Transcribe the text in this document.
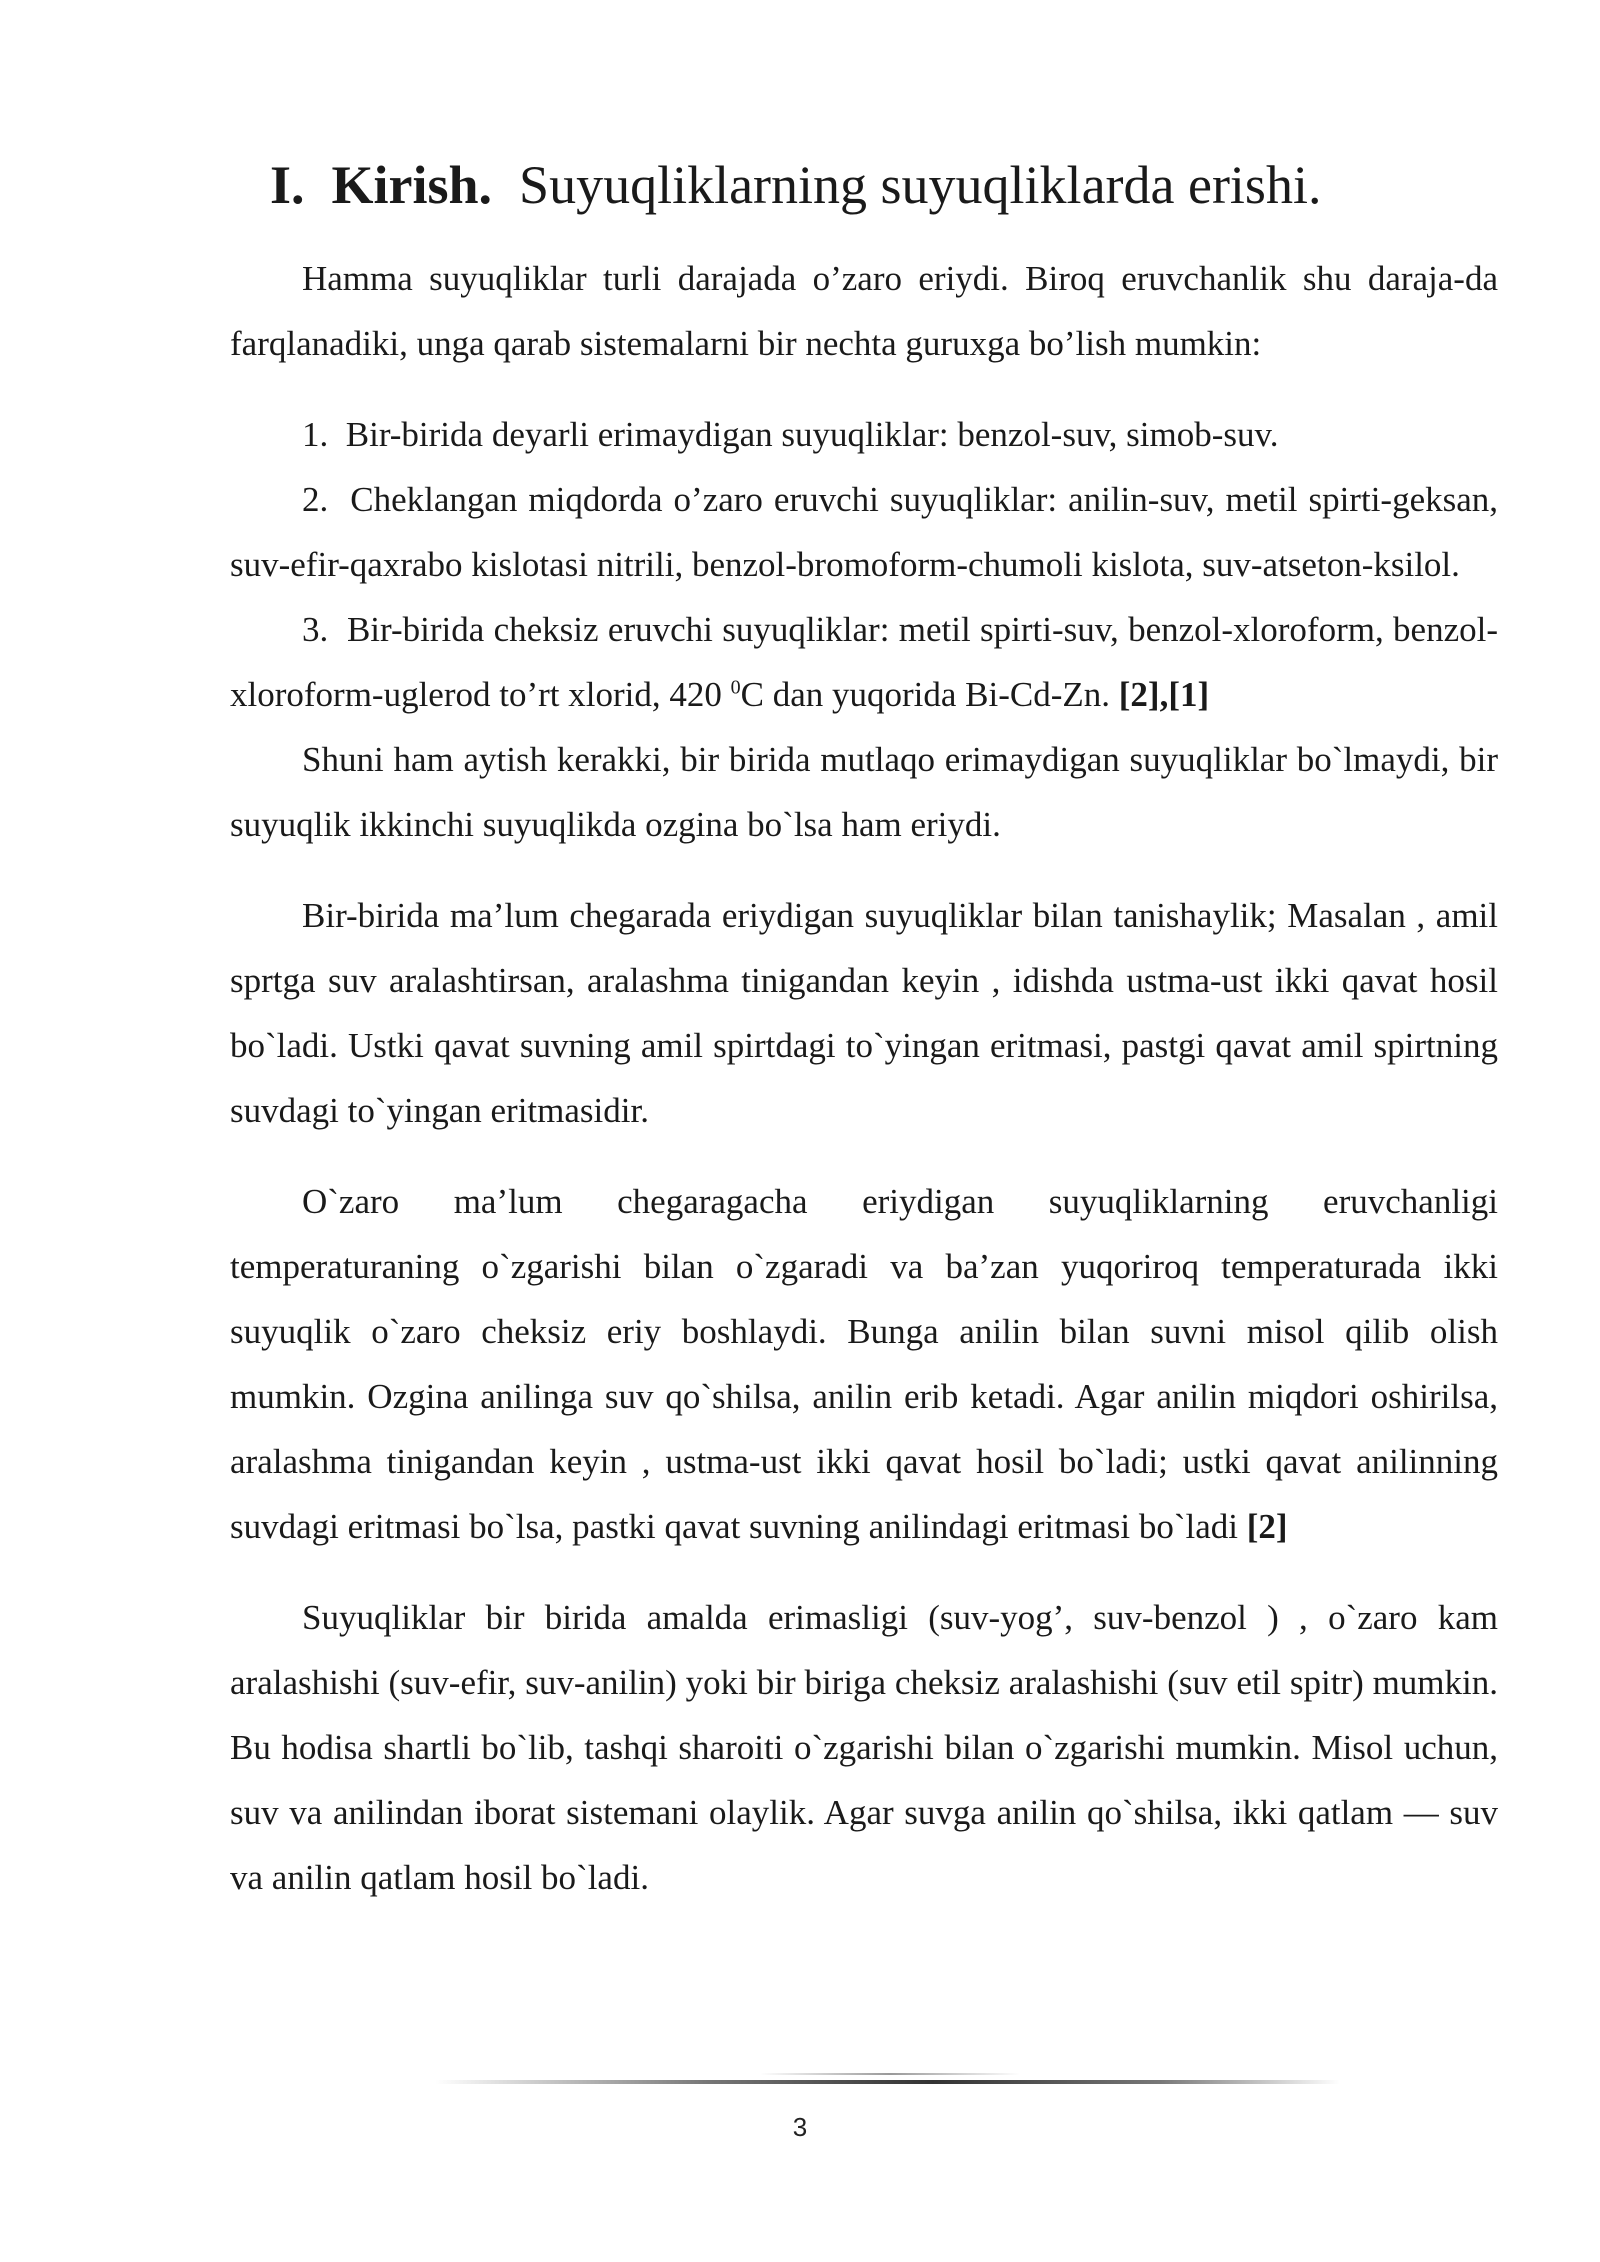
I. Kirish. Suyuqliklarning suyuqliklarda erishi.

Hamma suyuqliklar turli darajada o’zaro eriydi. Biroq eruvchanlik shu daraja-da farqlanadiki, unga qarab sistemalarni bir nechta guruxga bo’lish mumkin:

1. Bir-birida deyarli erimaydigan suyuqliklar: benzol-suv, simob-suv.

2. Cheklangan miqdorda o’zaro eruvchi suyuqliklar: anilin-suv, metil spirti-geksan, suv-efir-qaxrabo kislotasi nitrili, benzol-bromoform-chumoli kislota, suv-atseton-ksilol.

3. Bir-birida cheksiz eruvchi suyuqliklar: metil spirti-suv, benzol-xloroform, benzol-xloroform-uglerod to’rt xlorid, 420 $^0$C dan yuqorida Bi-Cd-Zn. [2],[1]

Shuni ham aytish kerakki, bir birida mutlaqo erimaydigan suyuqliklar bo`lmaydi, bir suyuqlik ikkinchi suyuqlikda ozgina bo`lsa ham eriydi.

Bir-birida ma’lum chegarada eriydigan suyuqliklar bilan tanishaylik; Masalan , amil sprtga suv aralashtirsan, aralashma tinigandan keyin , idishda ustma-ust ikki qavat hosil bo`ladi. Ustki qavat suvning amil spirtdagi to`yingan eritmasi, pastgi qavat amil spirtning suvdagi to`yingan eritmasidir.

O`zaro ma’lum chegaragacha eriydigan suyuqliklarning eruvchanligi temperaturaning o`zgarishi bilan o`zgaradi va ba’zan yuqoriroq temperaturada ikki suyuqlik o`zaro cheksiz eriy boshlaydi. Bunga anilin bilan suvni misol qilib olish mumkin. Ozgina anilinga suv qo`shilsa, anilin erib ketadi. Agar anilin miqdori oshirilsa, aralashma tinigandan keyin , ustma-ust ikki qavat hosil bo`ladi; ustki qavat anilinning suvdagi eritmasi bo`lsa, pastki qavat suvning anilindagi eritmasi bo`ladi [2]

Suyuqliklar bir birida amalda erimasligi (suv-yog’, suv-benzol ) , o`zaro kam aralashishi (suv-efir, suv-anilin) yoki bir biriga cheksiz aralashishi (suv etil spitr) mumkin. Bu hodisa shartli bo`lib, tashqi sharoiti o`zgarishi bilan o`zgarishi mumkin. Misol uchun, suv va anilindan iborat sistemani olaylik. Agar suvga anilin qo`shilsa, ikki qatlam — suv va anilin qatlam hosil bo`ladi.

3
